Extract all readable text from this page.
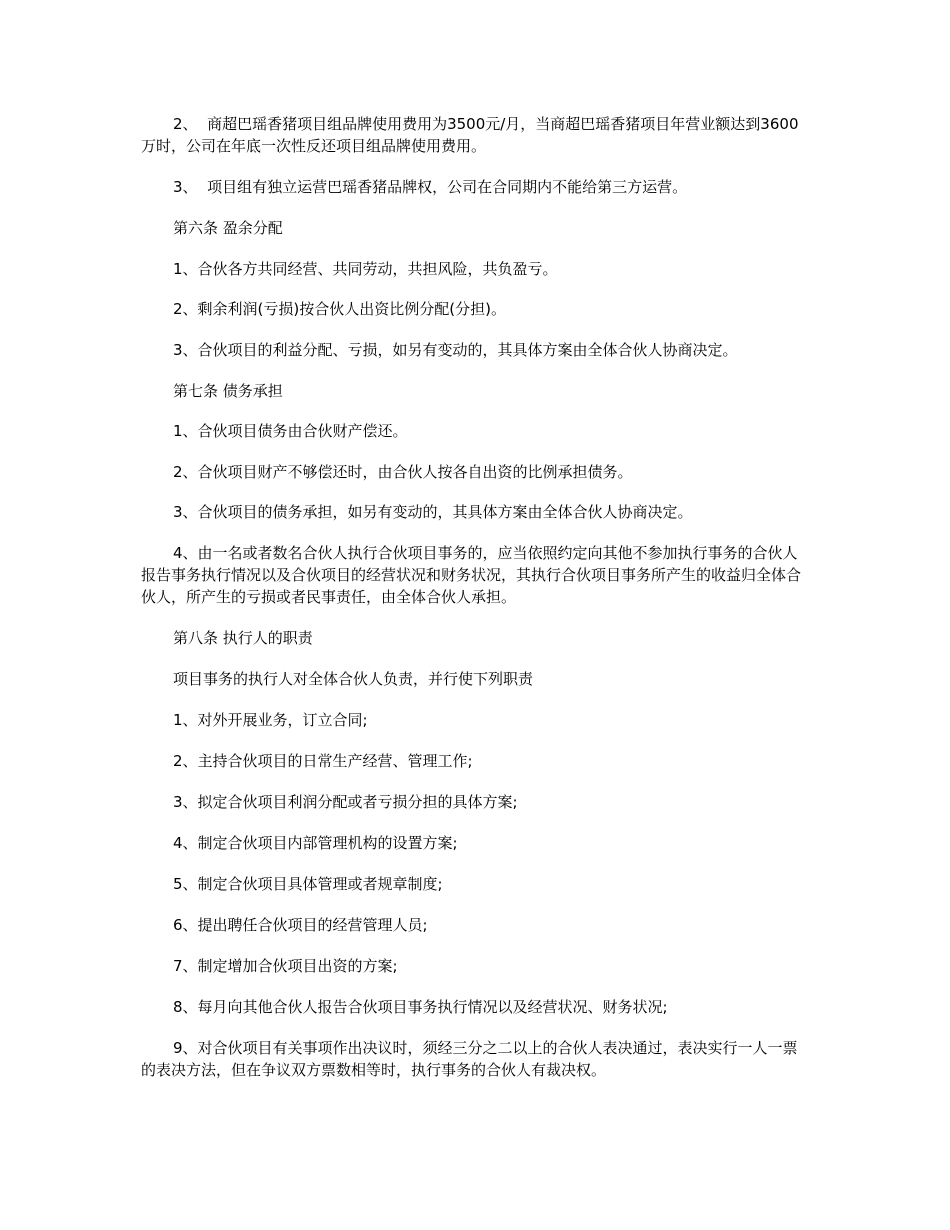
2、  商超巴瑶香猪项目组品牌使用费用为3500元/月，当商超巴瑶香猪项目年营业额达到3600万时，公司在年底一次性反还项目组品牌使用费用。

3、  项目组有独立运营巴瑶香猪品牌权，公司在合同期内不能给第三方运营。

第六条 盈余分配

1、合伙各方共同经营、共同劳动，共担风险，共负盈亏。

2、剩余利润(亏损)按合伙人出资比例分配(分担)。

3、合伙项目的利益分配、亏损，如另有变动的，其具体方案由全体合伙人协商决定。

第七条 债务承担

1、合伙项目债务由合伙财产偿还。

2、合伙项目财产不够偿还时，由合伙人按各自出资的比例承担债务。

3、合伙项目的债务承担，如另有变动的，其具体方案由全体合伙人协商决定。

4、由一名或者数名合伙人执行合伙项目事务的，应当依照约定向其他不参加执行事务的合伙人报告事务执行情况以及合伙项目的经营状况和财务状况，其执行合伙项目事务所产生的收益归全体合伙人，所产生的亏损或者民事责任，由全体合伙人承担。

第八条 执行人的职责

项目事务的执行人对全体合伙人负责，并行使下列职责

1、对外开展业务，订立合同;

2、主持合伙项目的日常生产经营、管理工作;

3、拟定合伙项目利润分配或者亏损分担的具体方案;

4、制定合伙项目内部管理机构的设置方案;

5、制定合伙项目具体管理或者规章制度;

6、提出聘任合伙项目的经营管理人员;

7、制定增加合伙项目出资的方案;

8、每月向其他合伙人报告合伙项目事务执行情况以及经营状况、财务状况;

9、对合伙项目有关事项作出决议时，须经三分之二以上的合伙人表决通过，表决实行一人一票的表决方法，但在争议双方票数相等时，执行事务的合伙人有裁决权。
